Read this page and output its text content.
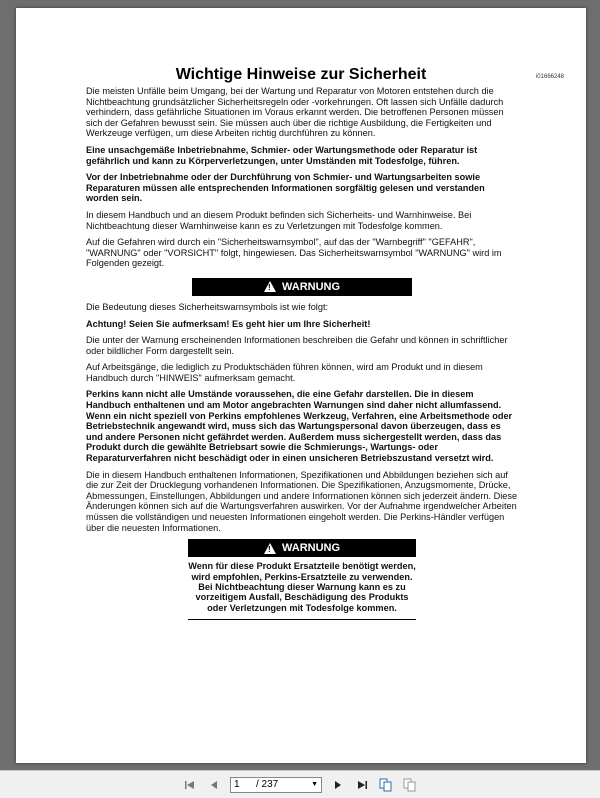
i01666248
Wichtige Hinweise zur Sicherheit

Die meisten Unfälle beim Umgang, bei der Wartung und Reparatur von Motoren entstehen durch die Nichtbeachtung grundsätzlicher Sicherheitsregeln oder -vorkehrungen. Oft lassen sich Unfälle dadurch verhindern, dass gefährliche Situationen im Voraus erkannt werden. Die betroffenen Personen müssen sich der Gefahren bewusst sein. Sie müssen auch über die richtige Ausbildung, die Fertigkeiten und Werkzeuge verfügen, um diese Arbeiten richtig durchführen zu können.

Eine unsachgemäße Inbetriebnahme, Schmier- oder Wartungsmethode oder Reparatur ist gefährlich und kann zu Körperverletzungen, unter Umständen mit Todesfolge, führen.

Vor der Inbetriebnahme oder der Durchführung von Schmier- und Wartungsarbeiten sowie Reparaturen müssen alle entsprechenden Informationen sorgfältig gelesen und verstanden worden sein.

In diesem Handbuch und an diesem Produkt befinden sich Sicherheits- und Warnhinweise. Bei Nichtbeachtung dieser Warnhinweise kann es zu Verletzungen mit Todesfolge kommen.

Auf die Gefahren wird durch ein "Sicherheitswarnsymbol", auf das der "Warnbegriff" "GEFAHR", "WARNUNG" oder "VORSICHT" folgt, hingewiesen. Das Sicherheitswarnsymbol "WARNUNG" wird im Folgenden gezeigt.

! WARNUNG

Die Bedeutung dieses Sicherheitswarnsymbols ist wie folgt:

Achtung! Seien Sie aufmerksam! Es geht hier um Ihre Sicherheit!

Die unter der Warnung erscheinenden Informationen beschreiben die Gefahr und können in schriftlicher oder bildlicher Form dargestellt sein.

Auf Arbeitsgänge, die lediglich zu Produktschäden führen können, wird am Produkt und in diesem Handbuch durch "HINWEIS" aufmerksam gemacht.

Perkins kann nicht alle Umstände voraussehen, die eine Gefahr darstellen. Die in diesem Handbuch enthaltenen und am Motor angebrachten Warnungen sind daher nicht allumfassend. Wenn ein nicht speziell von Perkins empfohlenes Werkzeug, Verfahren, eine Arbeitsmethode oder Betriebstechnik angewandt wird, muss sich das Wartungspersonal davon überzeugen, dass es und andere Personen nicht gefährdet werden. Außerdem muss sichergestellt werden, dass das Produkt durch die gewählte Betriebsart sowie die Schmierungs-, Wartungs- oder Reparaturverfahren nicht beschädigt oder in einen unsicheren Betriebszustand versetzt wird.

Die in diesem Handbuch enthaltenen Informationen, Spezifikationen und Abbildungen beziehen sich auf die zur Zeit der Drucklegung vorhandenen Informationen. Die Spezifikationen, Anzugsmomente, Drücke, Abmessungen, Einstellungen, Abbildungen und andere Informationen können sich jederzeit ändern. Diese Änderungen können sich auf die Wartungsverfahren auswirken. Vor der Aufnahme irgendwelcher Arbeiten müssen die vollständigen und neuesten Informationen eingeholt werden. Die Perkins-Händler verfügen über die neuesten Informationen.

! WARNUNG
Wenn für diese Produkt Ersatzteile benötigt werden, wird empfohlen, Perkins-Ersatzteile zu verwenden.
Bei Nichtbeachtung dieser Warnung kann es zu vorzeitigem Ausfall, Beschädigung des Produkts oder Verletzungen mit Todesfolge kommen.
1
/ 237	▼
